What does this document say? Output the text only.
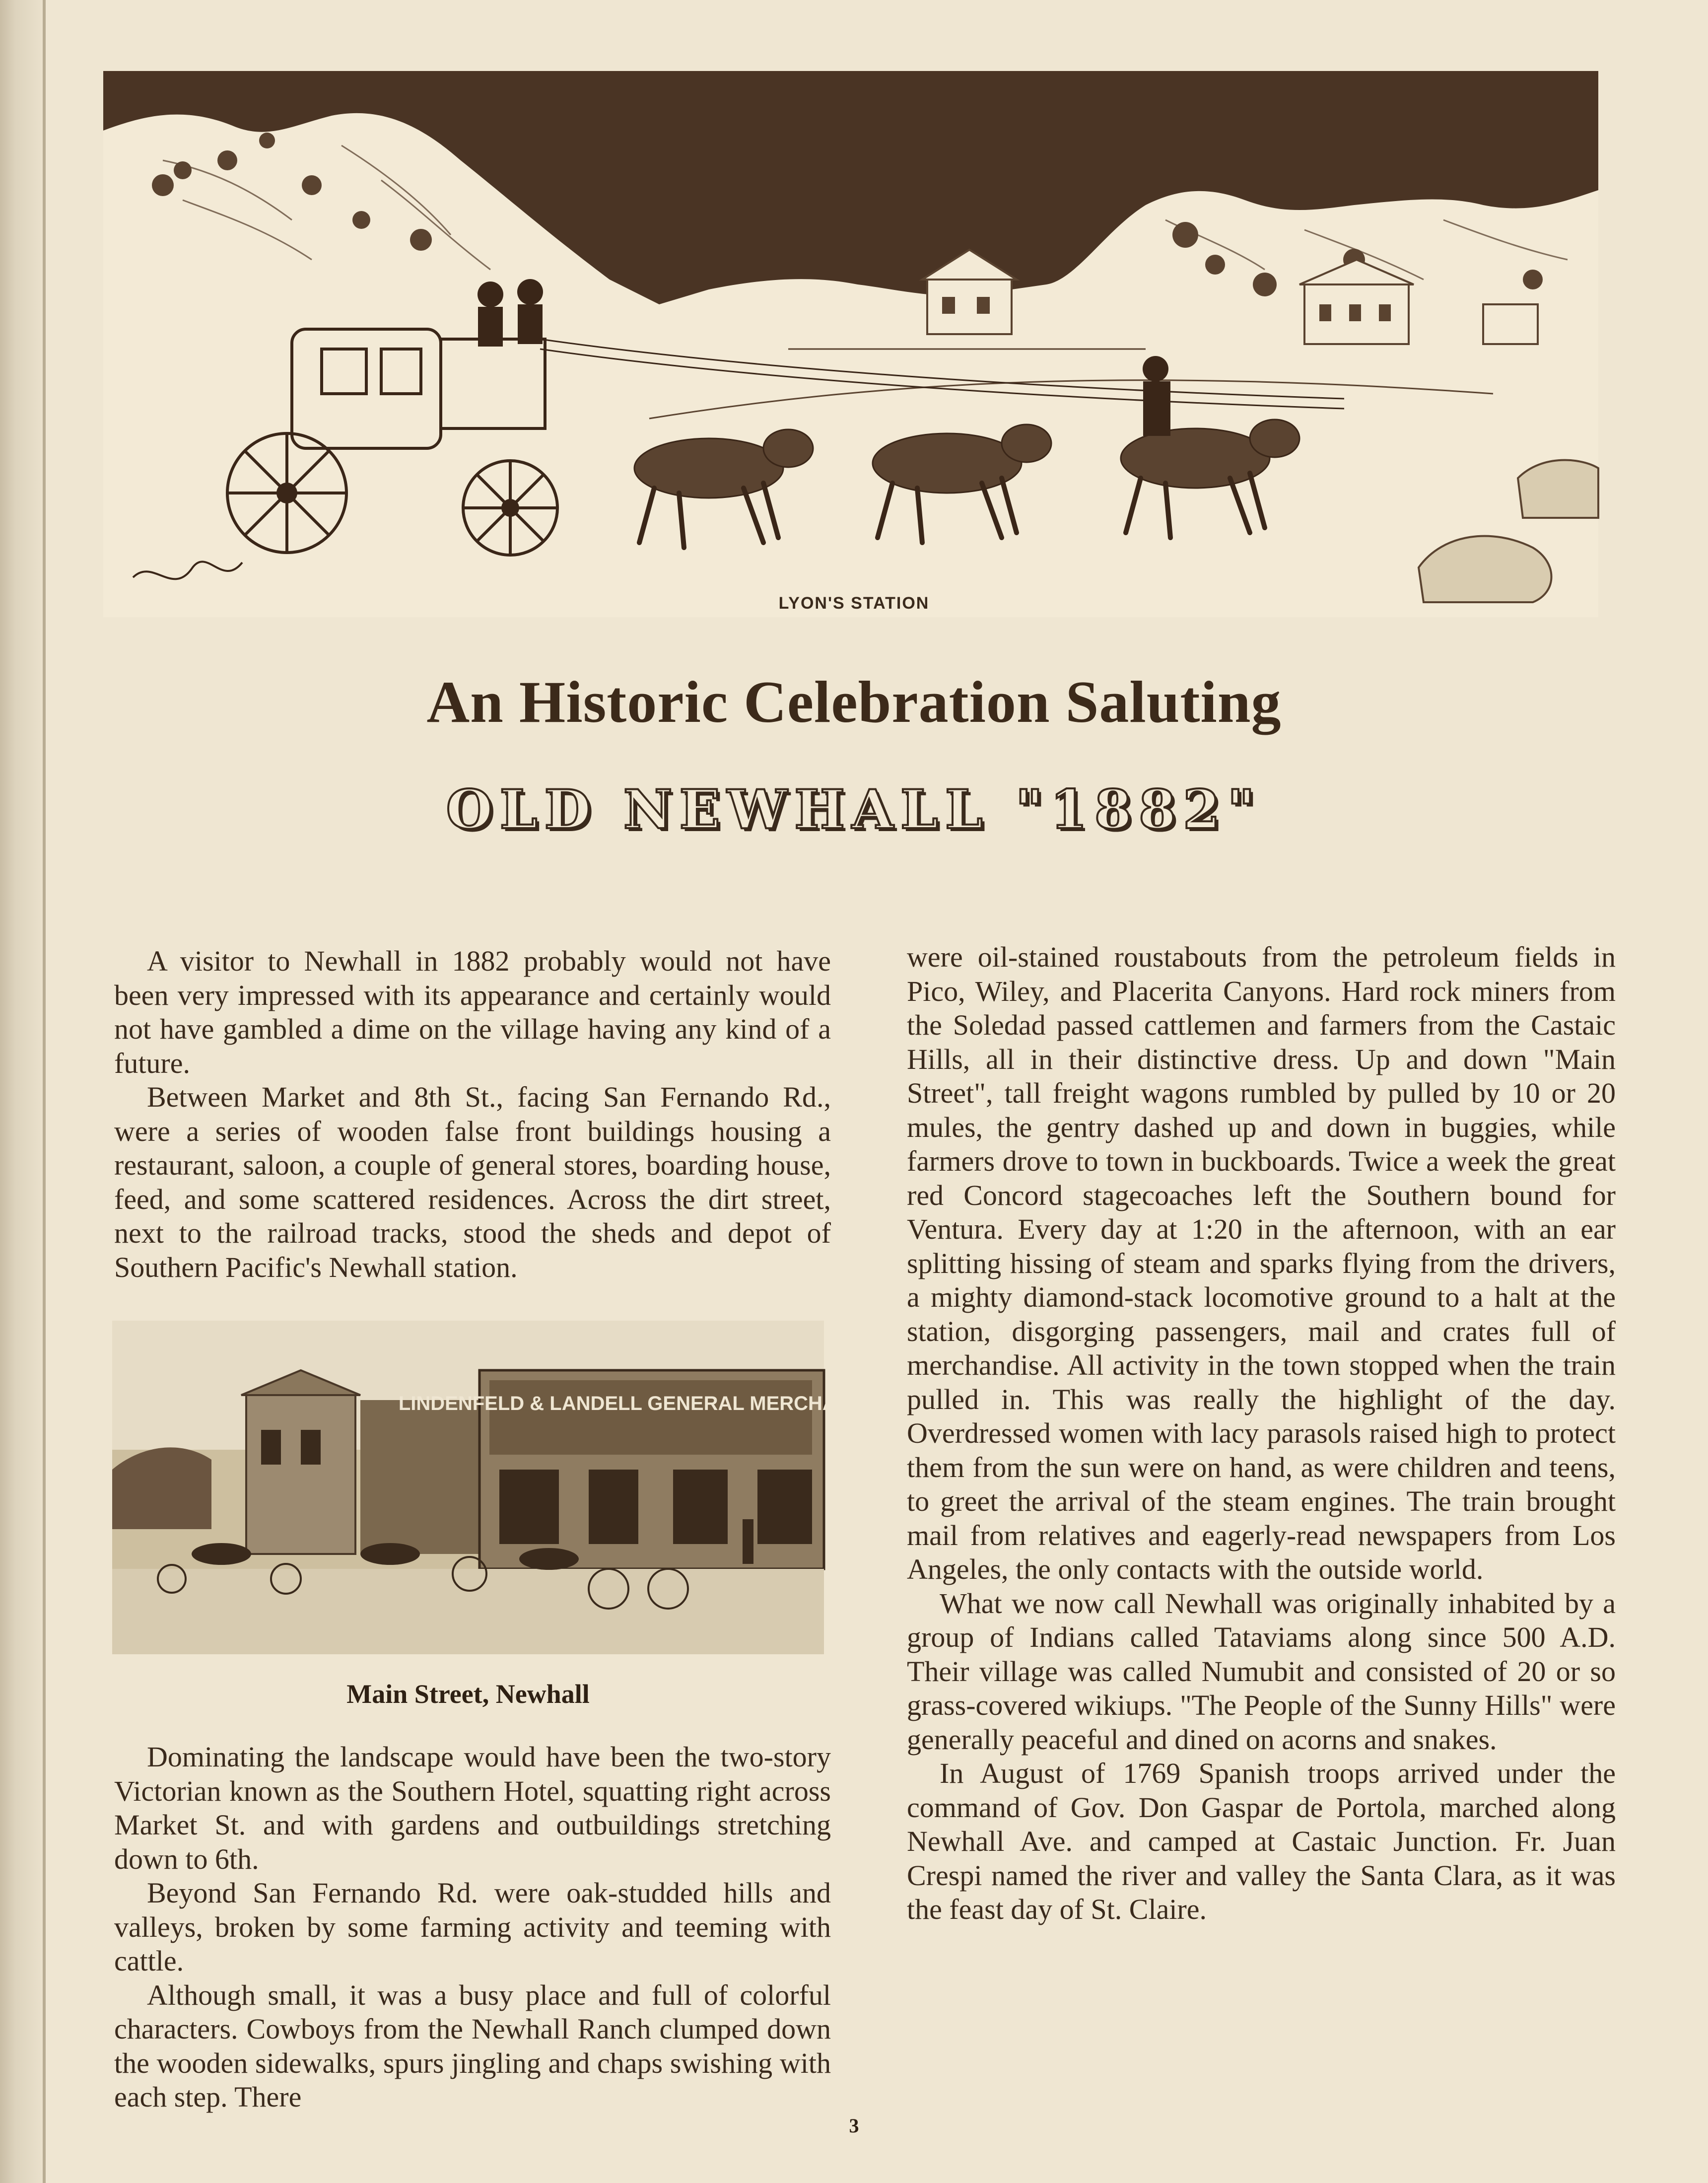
LYON'S STATION
An Historic Celebration Saluting
OLD NEWHALL "1882"

A visitor to Newhall in 1882 probably would not have been very impressed with its appearance and certainly would not have gambled a dime on the village having any kind of a future.

Between Market and 8th St., facing San Fernando Rd., were a series of wooden false front buildings housing a restaurant, saloon, a couple of general stores, boarding house, feed, and some scattered residences. Across the dirt street, next to the railroad tracks, stood the sheds and depot of Southern Pacific's Newhall station.

LINDENFELD & LANDELL GENERAL MERCHANDISE.
Main Street, Newhall

Dominating the landscape would have been the two-story Victorian known as the Southern Hotel, squatting right across Market St. and with gardens and outbuildings stretching down to 6th.

Beyond San Fernando Rd. were oak-studded hills and valleys, broken by some farming activity and teeming with cattle.

Although small, it was a busy place and full of colorful characters. Cowboys from the Newhall Ranch clumped down the wooden sidewalks, spurs jingling and chaps swishing with each step. There

were oil-stained roustabouts from the petroleum fields in Pico, Wiley, and Placerita Canyons. Hard rock miners from the Soledad passed cattlemen and farmers from the Castaic Hills, all in their distinctive dress. Up and down "Main Street", tall freight wagons rumbled by pulled by 10 or 20 mules, the gentry dashed up and down in buggies, while farmers drove to town in buckboards. Twice a week the great red Concord stagecoaches left the Southern bound for Ventura. Every day at 1:20 in the afternoon, with an ear splitting hissing of steam and sparks flying from the drivers, a mighty diamond-stack locomotive ground to a halt at the station, disgorging passengers, mail and crates full of merchandise. All activity in the town stopped when the train pulled in. This was really the highlight of the day. Overdressed women with lacy parasols raised high to protect them from the sun were on hand, as were children and teens, to greet the arrival of the steam engines. The train brought mail from relatives and eagerly-read newspapers from Los Angeles, the only contacts with the outside world.

What we now call Newhall was originally inhabited by a group of Indians called Tataviams along since 500 A.D. Their village was called Numubit and consisted of 20 or so grass-covered wikiups. "The People of the Sunny Hills" were generally peaceful and dined on acorns and snakes.

In August of 1769 Spanish troops arrived under the command of Gov. Don Gaspar de Portola, marched along Newhall Ave. and camped at Castaic Junction. Fr. Juan Crespi named the river and valley the Santa Clara, as it was the feast day of St. Claire.

3
